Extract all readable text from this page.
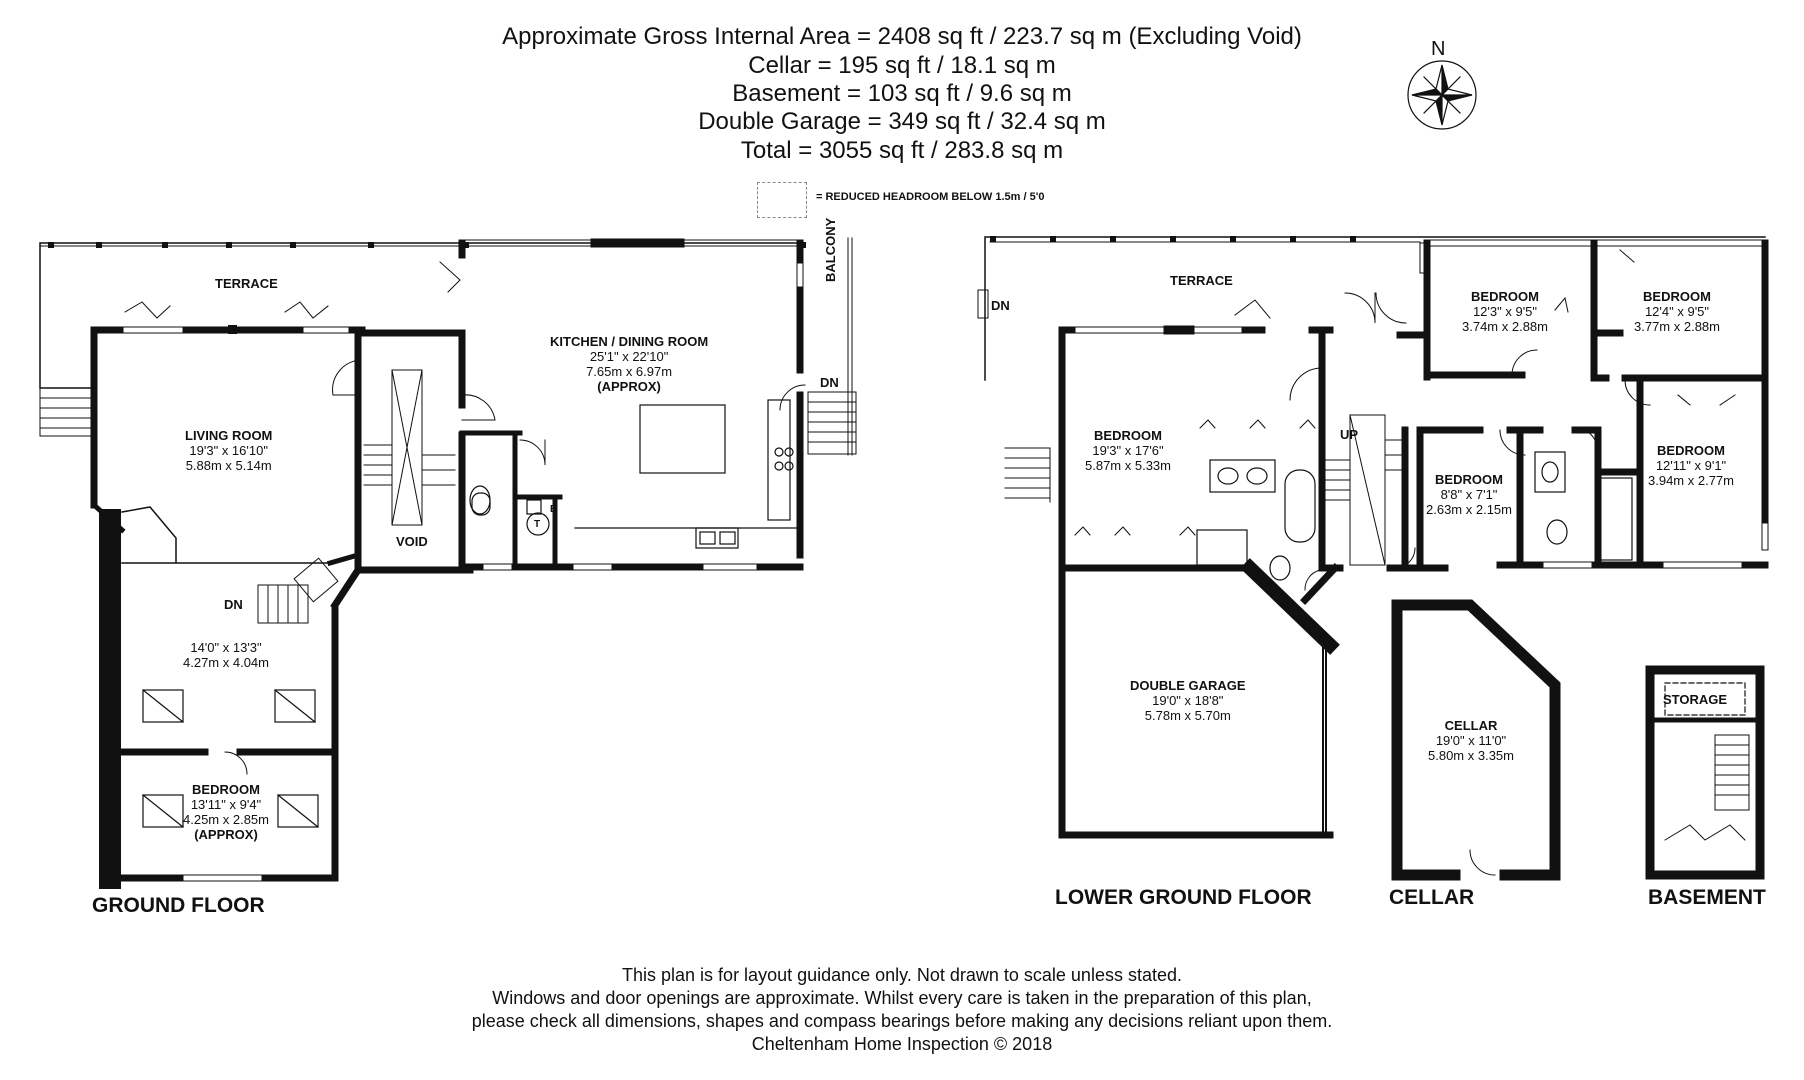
Approximate Gross Internal Area = 2408 sq ft / 223.7 sq m (Excluding Void)

Cellar = 195 sq ft / 18.1 sq m

Basement = 103 sq ft / 9.6 sq m

Double Garage = 349 sq ft / 32.4 sq m

Total = 3055 sq ft / 283.8 sq m

N
= REDUCED HEADROOM BELOW 1.5m / 5'0
TERRACE
BALCONY
DN
DN
VOID
B
T
LIVING ROOM
19'3" x 16'10"
5.88m x 5.14m
KITCHEN / DINING ROOM
25'1" x 22'10"
7.65m x 6.97m
(APPROX)
14'0" x 13'3"
4.27m x 4.04m
BEDROOM
13'11" x 9'4"
4.25m x 2.85m
(APPROX)
GROUND FLOOR
TERRACE
DN
UP
BEDROOM
19'3" x 17'6"
5.87m x 5.33m
BEDROOM
12'3" x 9'5"
3.74m x 2.88m
BEDROOM
12'4" x 9'5"
3.77m x 2.88m
BEDROOM
12'11" x 9'1"
3.94m x 2.77m
BEDROOM
8'8" x 7'1"
2.63m x 2.15m
DOUBLE GARAGE
19'0" x 18'8"
5.78m x 5.70m
LOWER GROUND FLOOR
CELLAR
19'0" x 11'0"
5.80m x 3.35m
CELLAR
STORAGE
BASEMENT
This plan is for layout guidance only. Not drawn to scale unless stated.
Windows and door openings are approximate. Whilst every care is taken in the preparation of this plan,
please check all dimensions, shapes and compass bearings before making any decisions reliant upon them.
Cheltenham Home Inspection © 2018
